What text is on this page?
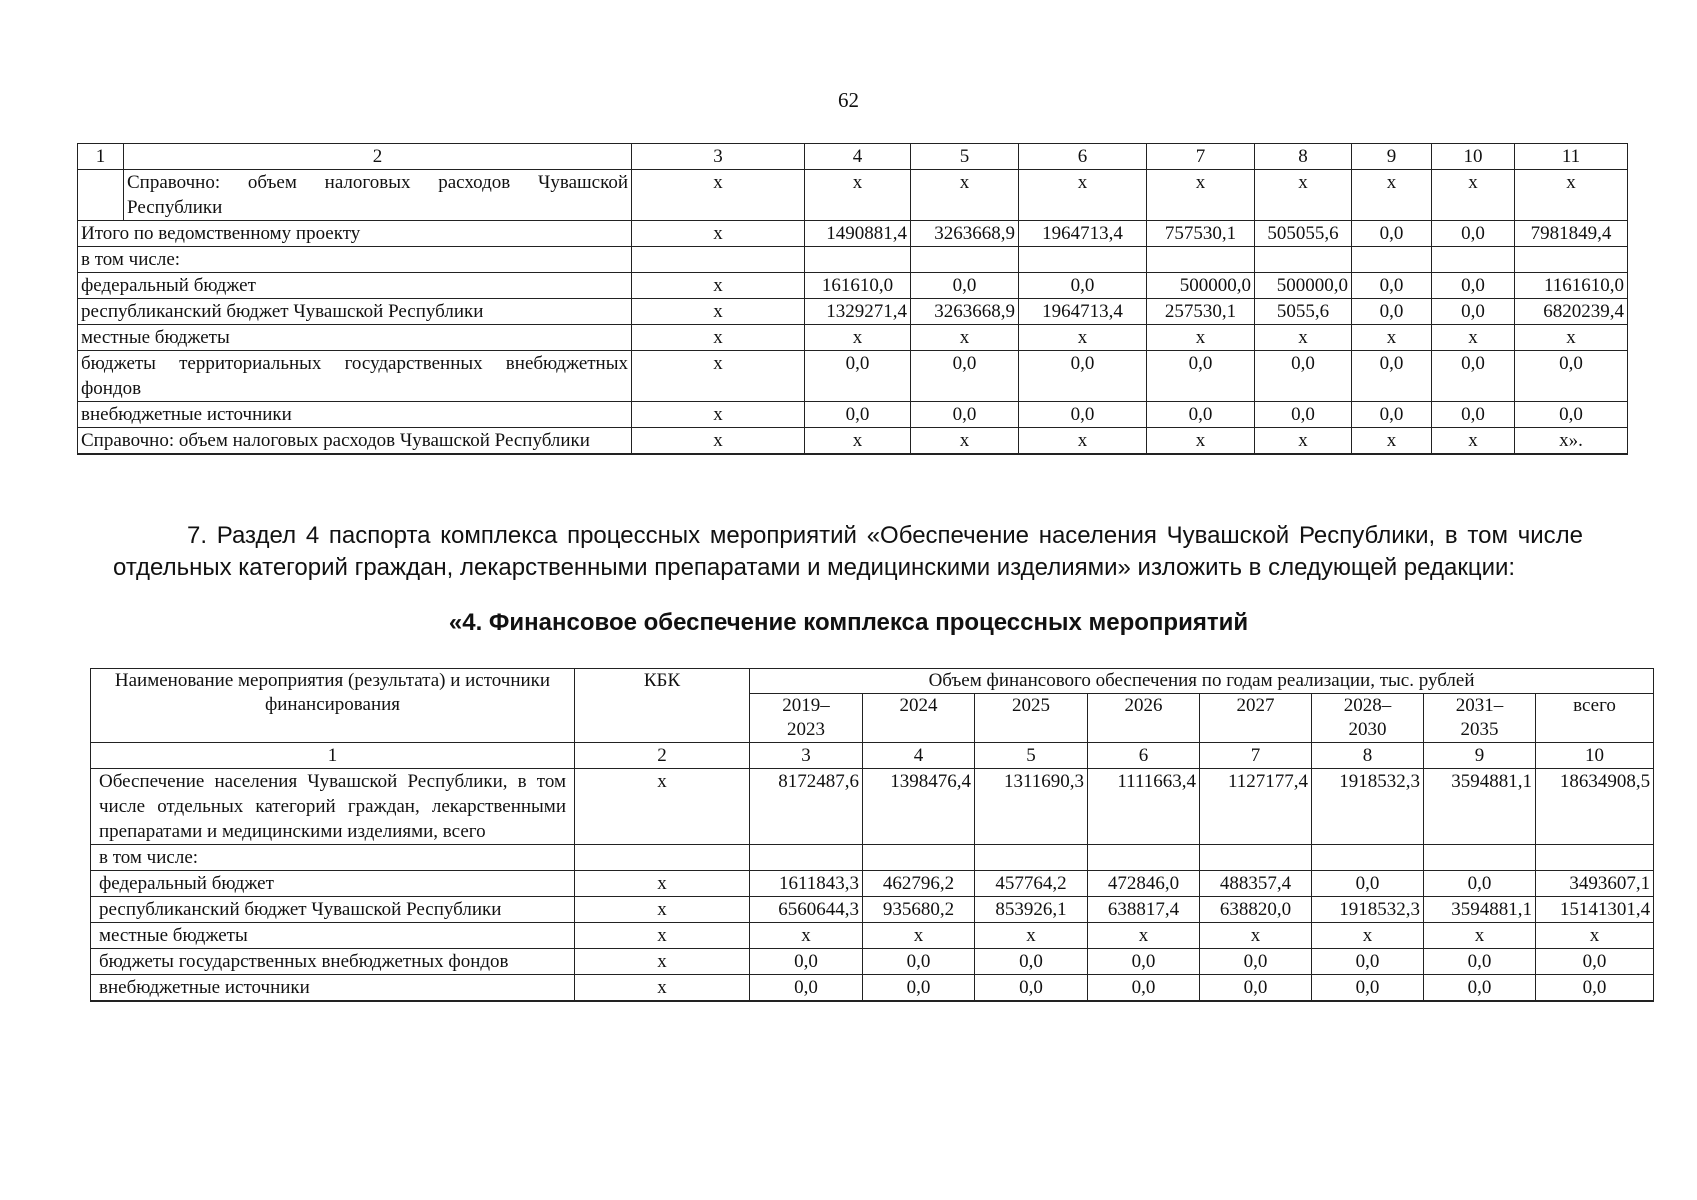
62
1	2	3	4	5	6	7	8	9	10	11
	Справочно: объем налоговых расходов Чувашской Республики	x	x	x	x	x	x	x	x	x
Итого по ведомственному проекту		x	1490881,4	3263668,9	1964713,4	757530,1	505055,6	0,0	0,0	7981849,4
в том числе:										
федеральный бюджет		x	161610,0	0,0	0,0	500000,0	500000,0	0,0	0,0	1161610,0
республиканский бюджет Чувашской Республики		x	1329271,4	3263668,9	1964713,4	257530,1	5055,6	0,0	0,0	6820239,4
местные бюджеты		x	x	x	x	x	x	x	x	x
бюджеты территориальных государственных внебюджетных фондов		x	0,0	0,0	0,0	0,0	0,0	0,0	0,0	0,0
внебюджетные источники		x	0,0	0,0	0,0	0,0	0,0	0,0	0,0	0,0
Справочно: объем налоговых расходов Чувашской Республики		x	x	x	x	x	x	x	x	x».
7. Раздел 4 паспорта комплекса процессных мероприятий «Обеспечение населения Чувашской Республики, в том числе отдельных категорий граждан, лекарственными препаратами и медицинскими изделиями» изложить в следующей редакции:
«4. Финансовое обеспечение комплекса процессных мероприятий
Наименование мероприятия (результата) и источники финансирования	КБК	Объем финансового обеспечения по годам реализации, тыс. рублей							
		2019–2023	2024	2025	2026	2027	2028–2030	2031–2035	всего
1	2	3	4	5	6	7	8	9	10
Обеспечение населения Чувашской Республики, в том числе отдельных категорий граждан, лекарственными препаратами и медицинскими изделиями, всего	x	8172487,6	1398476,4	1311690,3	1111663,4	1127177,4	1918532,3	3594881,1	18634908,5
в том числе:									
федеральный бюджет	x	1611843,3	462796,2	457764,2	472846,0	488357,4	0,0	0,0	3493607,1
республиканский бюджет Чувашской Республики	x	6560644,3	935680,2	853926,1	638817,4	638820,0	1918532,3	3594881,1	15141301,4
местные бюджеты	x	x	x	x	x	x	x	x	x
бюджеты государственных внебюджетных фондов	x	0,0	0,0	0,0	0,0	0,0	0,0	0,0	0,0
внебюджетные источники	x	0,0	0,0	0,0	0,0	0,0	0,0	0,0	0,0
